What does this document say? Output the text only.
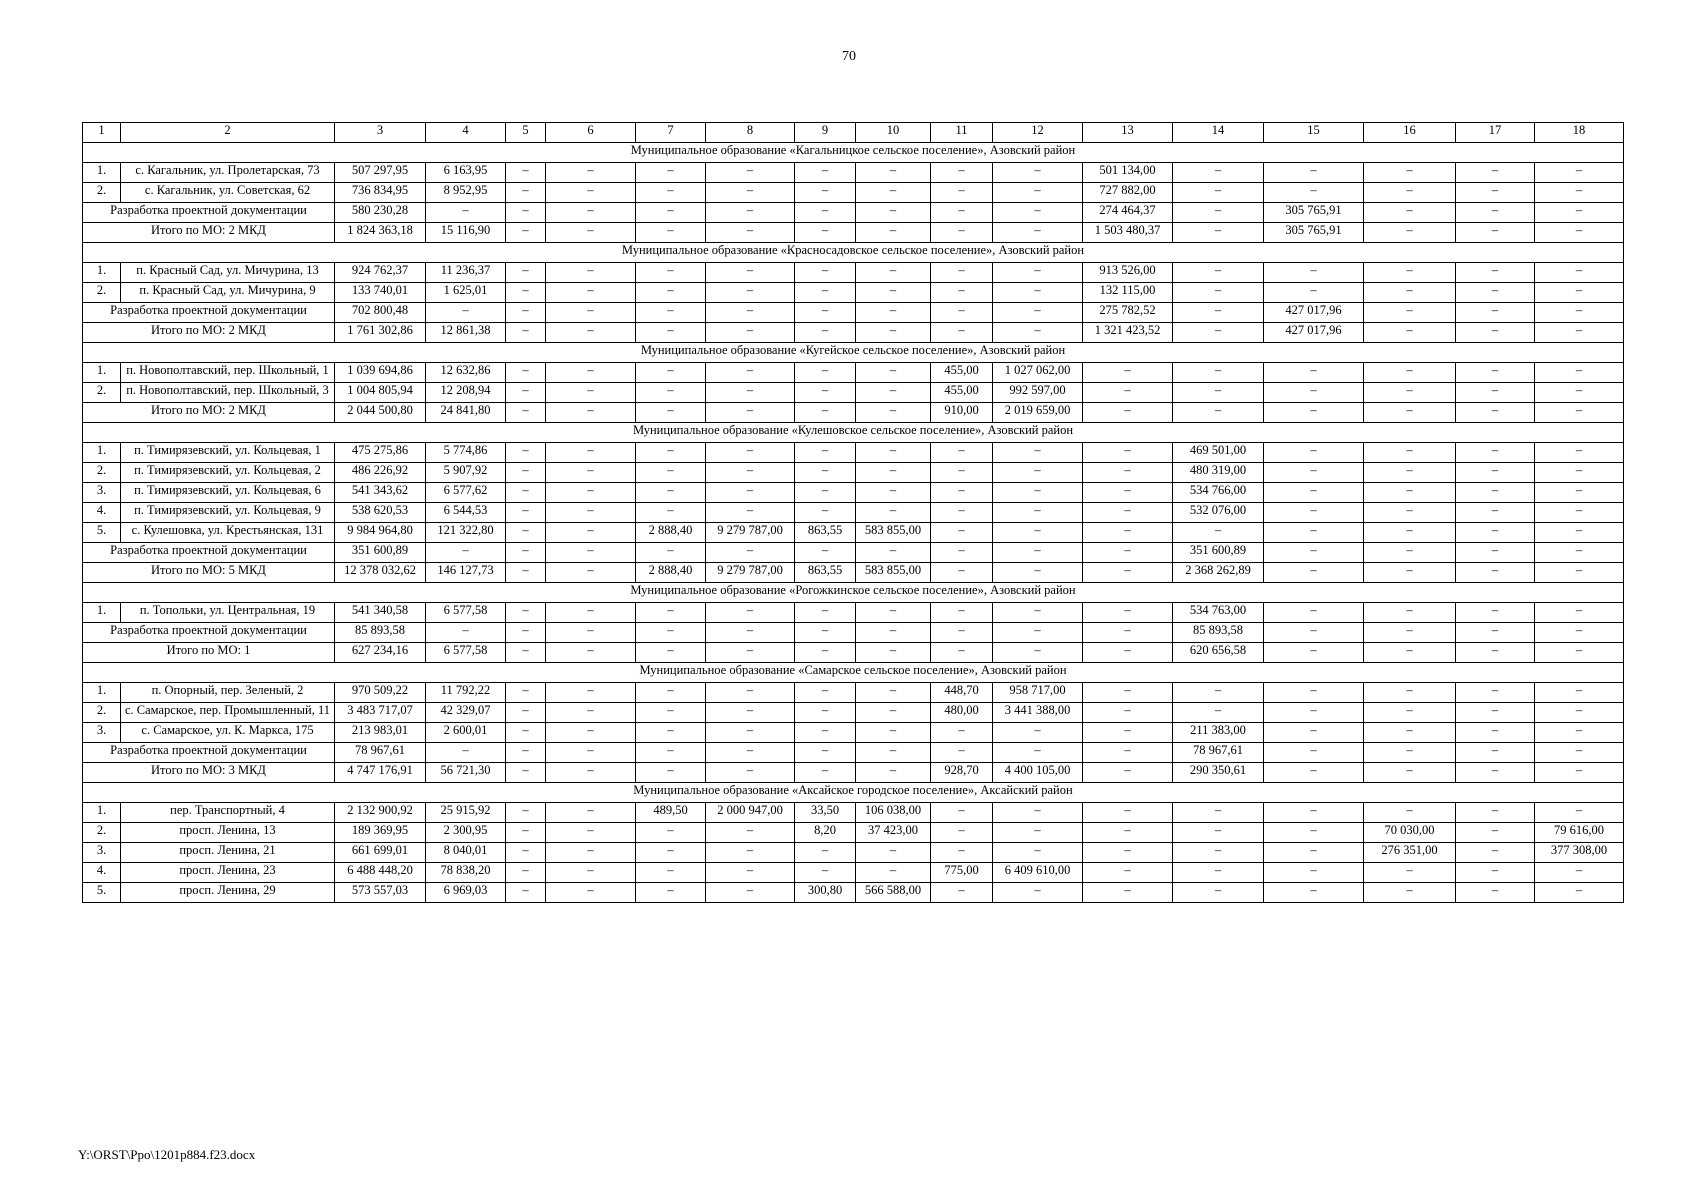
70
1	2	3	4	5	6	7	8	9	10	11	12	13	14	15	16	17	18
Муниципальное образование «Кагальницкое сельское поселение», Азовский район																	
1.	с. Кагальник, ул. Пролетарская, 73	507 297,95	6 163,95	–	–	–	–	–	–	–	–	501 134,00	–	–	–	–	–
2.	с. Кагальник, ул. Советская, 62	736 834,95	8 952,95	–	–	–	–	–	–	–	–	727 882,00	–	–	–	–	–
Разработка проектной документации		580 230,28	–	–	–	–	–	–	–	–	–	274 464,37	–	305 765,91	–	–	–
Итого по МО: 2 МКД		1 824 363,18	15 116,90	–	–	–	–	–	–	–	–	1 503 480,37	–	305 765,91	–	–	–
Муниципальное образование «Красносадовское сельское поселение», Азовский район																	
1.	п. Красный Сад, ул. Мичурина, 13	924 762,37	11 236,37	–	–	–	–	–	–	–	–	913 526,00	–	–	–	–	–
2.	п. Красный Сад, ул. Мичурина, 9	133 740,01	1 625,01	–	–	–	–	–	–	–	–	132 115,00	–	–	–	–	–
Разработка проектной документации		702 800,48	–	–	–	–	–	–	–	–	–	275 782,52	–	427 017,96	–	–	–
Итого по МО: 2 МКД		1 761 302,86	12 861,38	–	–	–	–	–	–	–	–	1 321 423,52	–	427 017,96	–	–	–
Муниципальное образование «Кугейское сельское поселение», Азовский район																	
1.	п. Новополтавский, пер. Школьный, 1	1 039 694,86	12 632,86	–	–	–	–	–	–	455,00	1 027 062,00	–	–	–	–	–	–
2.	п. Новополтавский, пер. Школьный, 3	1 004 805,94	12 208,94	–	–	–	–	–	–	455,00	992 597,00	–	–	–	–	–	–
Итого по МО: 2 МКД		2 044 500,80	24 841,80	–	–	–	–	–	–	910,00	2 019 659,00	–	–	–	–	–	–
Муниципальное образование «Кулешовское сельское поселение», Азовский район																	
1.	п. Тимирязевский, ул. Кольцевая, 1	475 275,86	5 774,86	–	–	–	–	–	–	–	–	–	469 501,00	–	–	–	–
2.	п. Тимирязевский, ул. Кольцевая, 2	486 226,92	5 907,92	–	–	–	–	–	–	–	–	–	480 319,00	–	–	–	–
3.	п. Тимирязевский, ул. Кольцевая, 6	541 343,62	6 577,62	–	–	–	–	–	–	–	–	–	534 766,00	–	–	–	–
4.	п. Тимирязевский, ул. Кольцевая, 9	538 620,53	6 544,53	–	–	–	–	–	–	–	–	–	532 076,00	–	–	–	–
5.	с. Кулешовка, ул. Крестьянская, 131	9 984 964,80	121 322,80	–	–	2 888,40	9 279 787,00	863,55	583 855,00	–	–	–	–	–	–	–	–
Разработка проектной документации		351 600,89	–	–	–	–	–	–	–	–	–	–	351 600,89	–	–	–	–
Итого по МО: 5 МКД		12 378 032,62	146 127,73	–	–	2 888,40	9 279 787,00	863,55	583 855,00	–	–	–	2 368 262,89	–	–	–	–
Муниципальное образование «Рогожкинское сельское поселение», Азовский район																	
1.	п. Топольки, ул. Центральная, 19	541 340,58	6 577,58	–	–	–	–	–	–	–	–	–	534 763,00	–	–	–	–
Разработка проектной документации		85 893,58	–	–	–	–	–	–	–	–	–	–	85 893,58	–	–	–	–
Итого по МО: 1		627 234,16	6 577,58	–	–	–	–	–	–	–	–	–	620 656,58	–	–	–	–
Муниципальное образование «Самарское сельское поселение», Азовский район																	
1.	п. Опорный, пер. Зеленый, 2	970 509,22	11 792,22	–	–	–	–	–	–	448,70	958 717,00	–	–	–	–	–	–
2.	с. Самарское, пер. Промышленный, 11	3 483 717,07	42 329,07	–	–	–	–	–	–	480,00	3 441 388,00	–	–	–	–	–	–
3.	с. Самарское, ул. К. Маркса, 175	213 983,01	2 600,01	–	–	–	–	–	–	–	–	–	211 383,00	–	–	–	–
Разработка проектной документации		78 967,61	–	–	–	–	–	–	–	–	–	–	78 967,61	–	–	–	–
Итого по МО: 3 МКД		4 747 176,91	56 721,30	–	–	–	–	–	–	928,70	4 400 105,00	–	290 350,61	–	–	–	–
Муниципальное образование «Аксайское городское поселение», Аксайский район																	
1.	пер. Транспортный, 4	2 132 900,92	25 915,92	–	–	489,50	2 000 947,00	33,50	106 038,00	–	–	–	–	–	–	–	–
2.	просп. Ленина, 13	189 369,95	2 300,95	–	–	–	–	8,20	37 423,00	–	–	–	–	–	70 030,00	–	79 616,00
3.	просп. Ленина, 21	661 699,01	8 040,01	–	–	–	–	–	–	–	–	–	–	–	276 351,00	–	377 308,00
4.	просп. Ленина, 23	6 488 448,20	78 838,20	–	–	–	–	–	–	775,00	6 409 610,00	–	–	–	–	–	–
5.	просп. Ленина, 29	573 557,03	6 969,03	–	–	–	–	300,80	566 588,00	–	–	–	–	–	–	–	–
Y:\ORST\Ppo\1201p884.f23.docx
